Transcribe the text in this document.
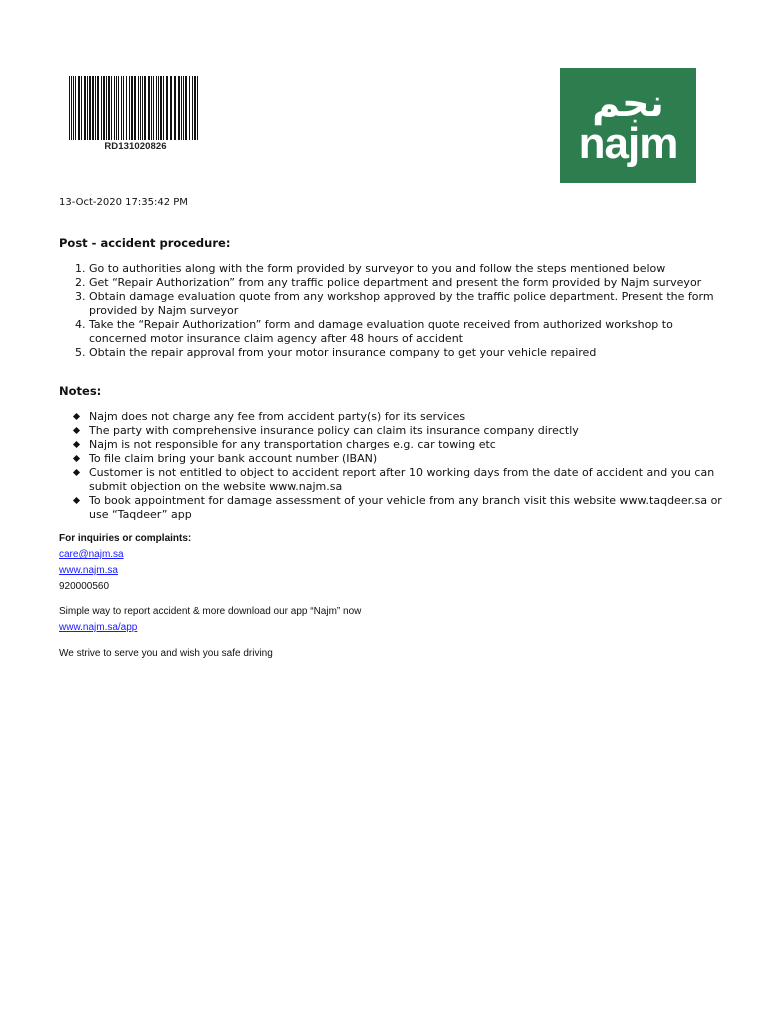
RD131020826
نجم
najm
13-Oct-2020 17:35:42 PM
Post - accident procedure:
1. Go to authorities along with the form provided by surveyor to you and follow the steps mentioned below
2. Get “Repair Authorization” from any traffic police department and present the form provided by Najm surveyor
3. Obtain damage evaluation quote from any workshop approved by the traffic police department. Present the form provided by Najm surveyor
4. Take the “Repair Authorization” form and damage evaluation quote received from authorized workshop to concerned motor insurance claim agency after 48 hours of accident
5. Obtain the repair approval from your motor insurance company to get your vehicle repaired
Notes:
Najm does not charge any fee from accident party(s) for its services
The party with comprehensive insurance policy can claim its insurance company directly
Najm is not responsible for any transportation charges e.g. car towing etc
To file claim bring your bank account number (IBAN)
Customer is not entitled to object to accident report after 10 working days from the date of accident and you can submit objection on the website www.najm.sa
To book appointment for damage assessment of your vehicle from any branch visit this website www.taqdeer.sa or use “Taqdeer” app
For inquiries or complaints:
care@najm.sa
www.najm.sa
920000560
Simple way to report accident & more download our app “Najm” now
www.najm.sa/app
We strive to serve you and wish you safe driving
